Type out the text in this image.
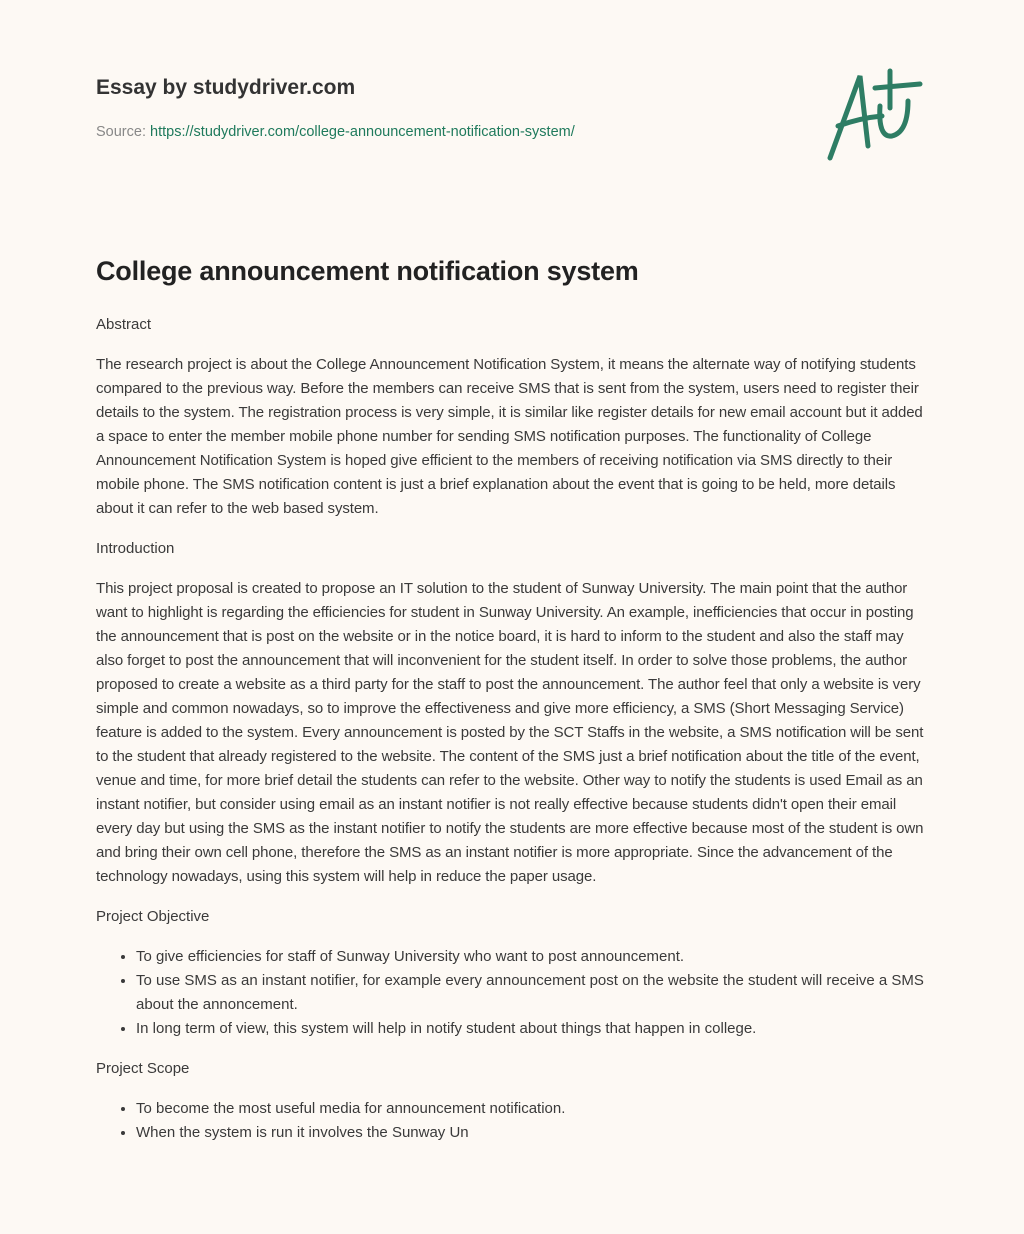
Essay by studydriver.com
Source: https://studydriver.com/college-announcement-notification-system/
College announcement notification system
Abstract

The research project is about the College Announcement Notification System, it means the alternate way of notifying students compared to the previous way. Before the members can receive SMS that is sent from the system, users need to register their details to the system. The registration process is very simple, it is similar like register details for new email account but it added a space to enter the member mobile phone number for sending SMS notification purposes. The functionality of College Announcement Notification System is hoped give efficient to the members of receiving notification via SMS directly to their mobile phone. The SMS notification content is just a brief explanation about the event that is going to be held, more details about it can refer to the web based system.

Introduction

This project proposal is created to propose an IT solution to the student of Sunway University. The main point that the author want to highlight is regarding the efficiencies for student in Sunway University. An example, inefficiencies that occur in posting the announcement that is post on the website or in the notice board, it is hard to inform to the student and also the staff may also forget to post the announcement that will inconvenient for the student itself. In order to solve those problems, the author proposed to create a website as a third party for the staff to post the announcement. The author feel that only a website is very simple and common nowadays, so to improve the effectiveness and give more efficiency, a SMS (Short Messaging Service) feature is added to the system. Every announcement is posted by the SCT Staffs in the website, a SMS notification will be sent to the student that already registered to the website. The content of the SMS just a brief notification about the title of the event, venue and time, for more brief detail the students can refer to the website. Other way to notify the students is used Email as an instant notifier, but consider using email as an instant notifier is not really effective because students didn't open their email every day but using the SMS as the instant notifier to notify the students are more effective because most of the student is own and bring their own cell phone, therefore the SMS as an instant notifier is more appropriate. Since the advancement of the technology nowadays, using this system will help in reduce the paper usage.

Project Objective
• To give efficiencies for staff of Sunway University who want to post announcement.
• To use SMS as an instant notifier, for example every announcement post on the website the student will receive a SMS about the annoncement.
• In long term of view, this system will help in notify student about things that happen in college.
Project Scope
• To become the most useful media for announcement notification.
• When the system is run it involves the Sunway Un
